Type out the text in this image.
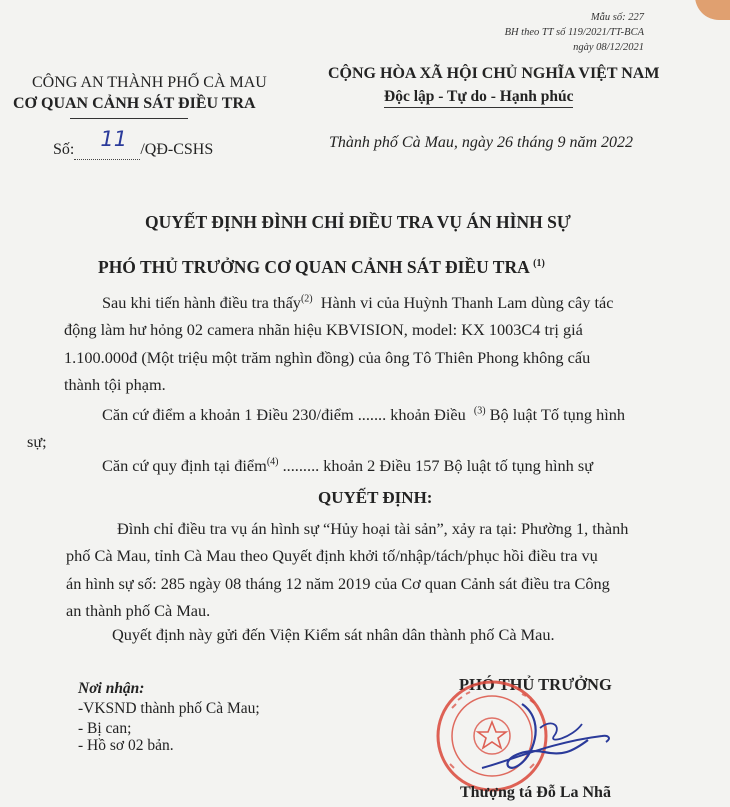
Mẫu số: 227
BH theo TT số 119/2021/TT-BCA
ngày 08/12/2021
CÔNG AN THÀNH PHỐ CÀ MAU
CƠ QUAN CẢNH SÁT ĐIỀU TRA
CỘNG HÒA XÃ HỘI CHỦ NGHĨA VIỆT NAM
Độc lập - Tự do - Hạnh phúc
Số: 11 /QĐ-CSHS	Thành phố Cà Mau, ngày 26 tháng 9 năm 2022
QUYẾT ĐỊNH ĐÌNH CHỈ ĐIỀU TRA VỤ ÁN HÌNH SỰ
PHÓ THỦ TRƯỞNG CƠ QUAN CẢNH SÁT ĐIỀU TRA $^{(1)}$
Sau khi tiến hành điều tra thấy$^{(2)}$ Hành vi của Huỳnh Thanh Lam dùng cây tác
động làm hư hỏng 02 camera nhãn hiệu KBVISION, model: KX 1003C4 trị giá
1.100.000đ (Một triệu một trăm nghìn đồng) của ông Tô Thiên Phong không cấu
thành tội phạm.
Căn cứ điểm a khoản 1 Điều 230/điểm ....... khoản Điều $^{(3)}$ Bộ luật Tố tụng hình
sự;
Căn cứ quy định tại điểm$^{(4)}$ ......... khoản 2 Điều 157 Bộ luật tố tụng hình sự
QUYẾT ĐỊNH:
Đình chỉ điều tra vụ án hình sự “Hủy hoại tài sản”, xảy ra tại: Phường 1, thành
phố Cà Mau, tỉnh Cà Mau theo Quyết định khởi tố/nhập/tách/phục hồi điều tra vụ
án hình sự số: 285 ngày 08 tháng 12 năm 2019 của Cơ quan Cảnh sát điều tra Công
an thành phố Cà Mau.
Quyết định này gửi đến Viện Kiểm sát nhân dân thành phố Cà Mau.
Nơi nhận:
-VKSND thành phố Cà Mau;
- Bị can;
- Hồ sơ 02 bản.
PHÓ THỦ TRƯỞNG
Thượng tá Đỗ La Nhã
